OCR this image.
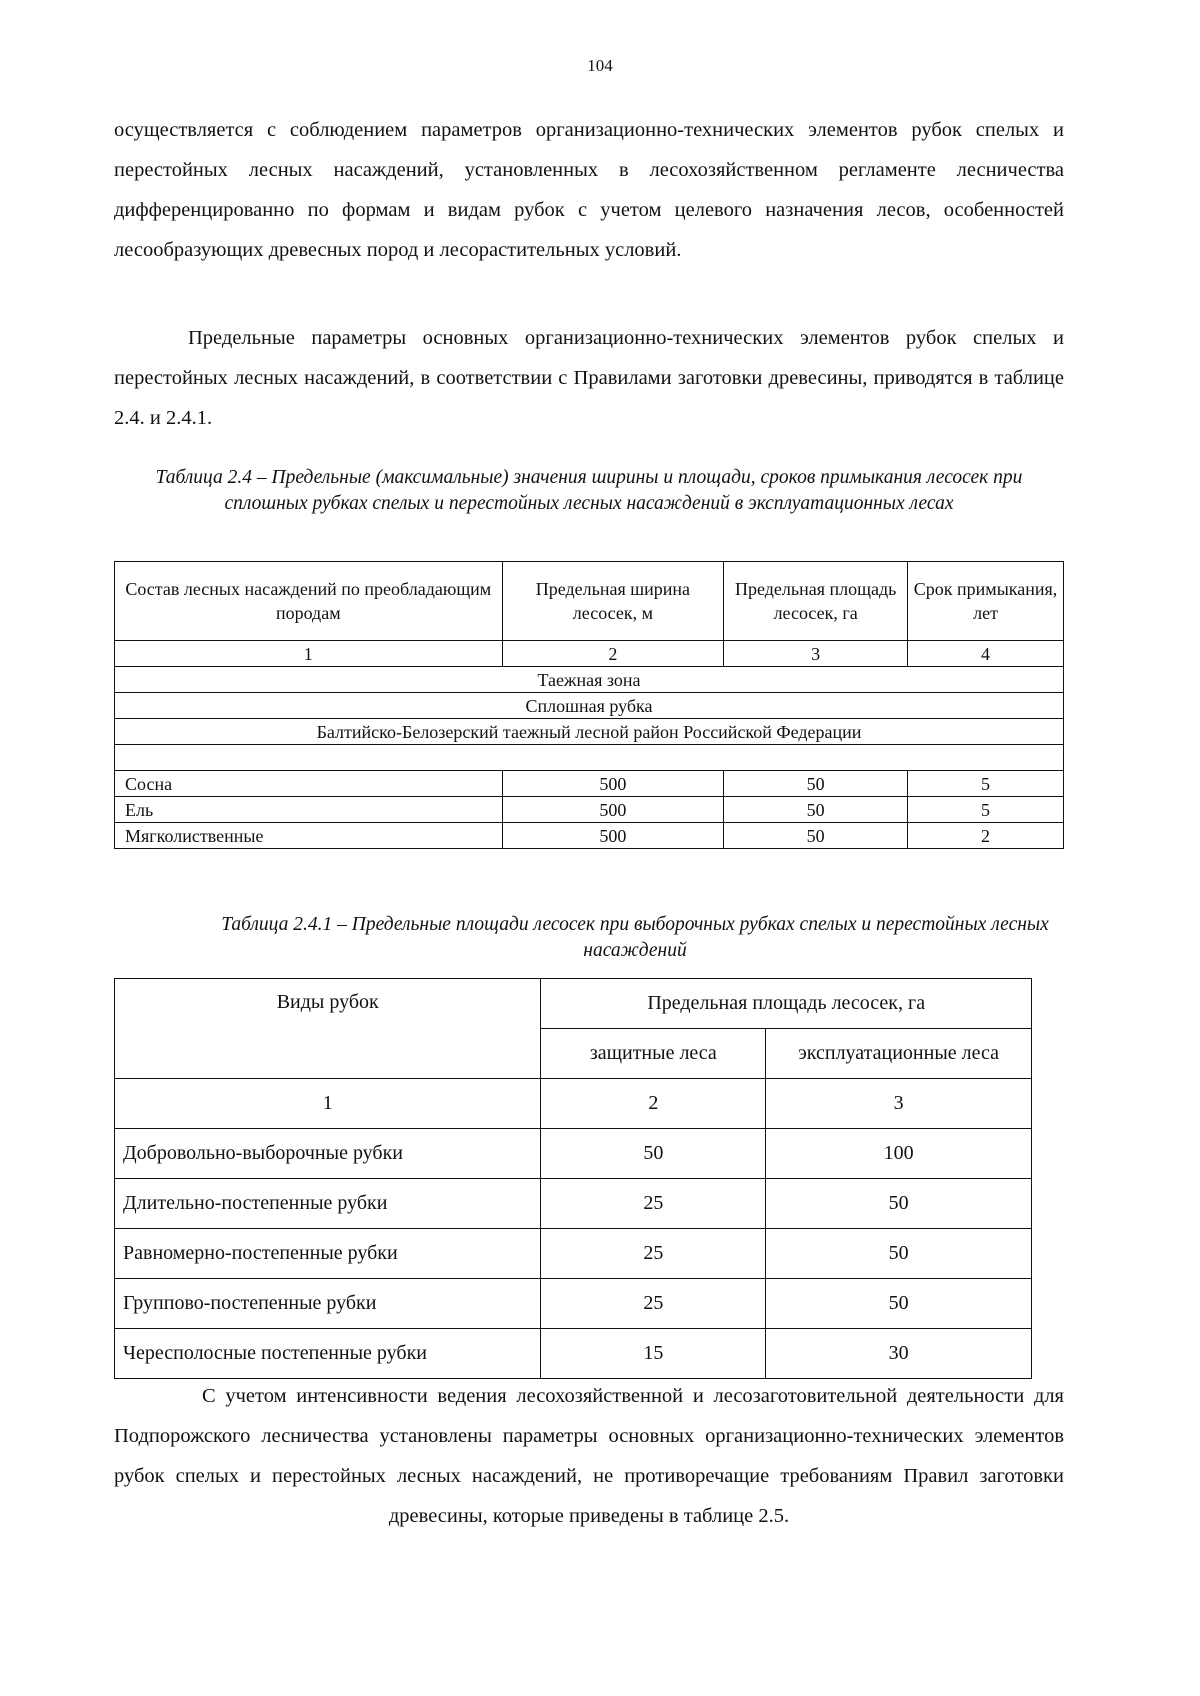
104

осуществляется с соблюдением параметров организационно-технических элементов рубок спелых и перестойных лесных насаждений, установленных в лесохозяйственном регламенте лесничества дифференцированно по формам и видам рубок с учетом целевого назначения лесов, особенностей лесообразующих древесных пород и лесорастительных условий.

Предельные параметры основных организационно-технических элементов рубок спелых и перестойных лесных насаждений, в соответствии с Правилами заготовки древесины, приводятся в таблице 2.4. и 2.4.1.

Таблица 2.4 – Предельные (максимальные) значения ширины и площади, сроков примыкания лесосек при сплошных рубках спелых и перестойных лесных насаждений в эксплуатационных лесах

Состав лесных насаждений по преобладающим породам	Предельная ширина лесосек, м	Предельная площадь лесосек, га	Срок примыкания, лет
1	2	3	4
Таежная зона			
Сплошная рубка			
Балтийско-Белозерский таежный лесной район Российской Федерации			

Сосна	500	50	5
Ель	500	50	5
Мягколиственные	500	50	2

Таблица 2.4.1 – Предельные площади лесосек при выборочных рубках спелых и перестойных лесных насаждений

Виды рубок	Предельная площадь лесосек, га	
	защитные леса	эксплуатационные леса
1	2	3
Добровольно-выборочные рубки	50	100
Длительно-постепенные рубки	25	50
Равномерно-постепенные рубки	25	50
Группово-постепенные рубки	25	50
Чересполосные постепенные рубки	15	30

С учетом интенсивности ведения лесохозяйственной и лесозаготовительной деятельности для Подпорожского лесничества установлены параметры основных организационно-технических элементов рубок спелых и перестойных лесных насаждений, не противоречащие требованиям Правил заготовки древесины, которые приведены в таблице 2.5.
